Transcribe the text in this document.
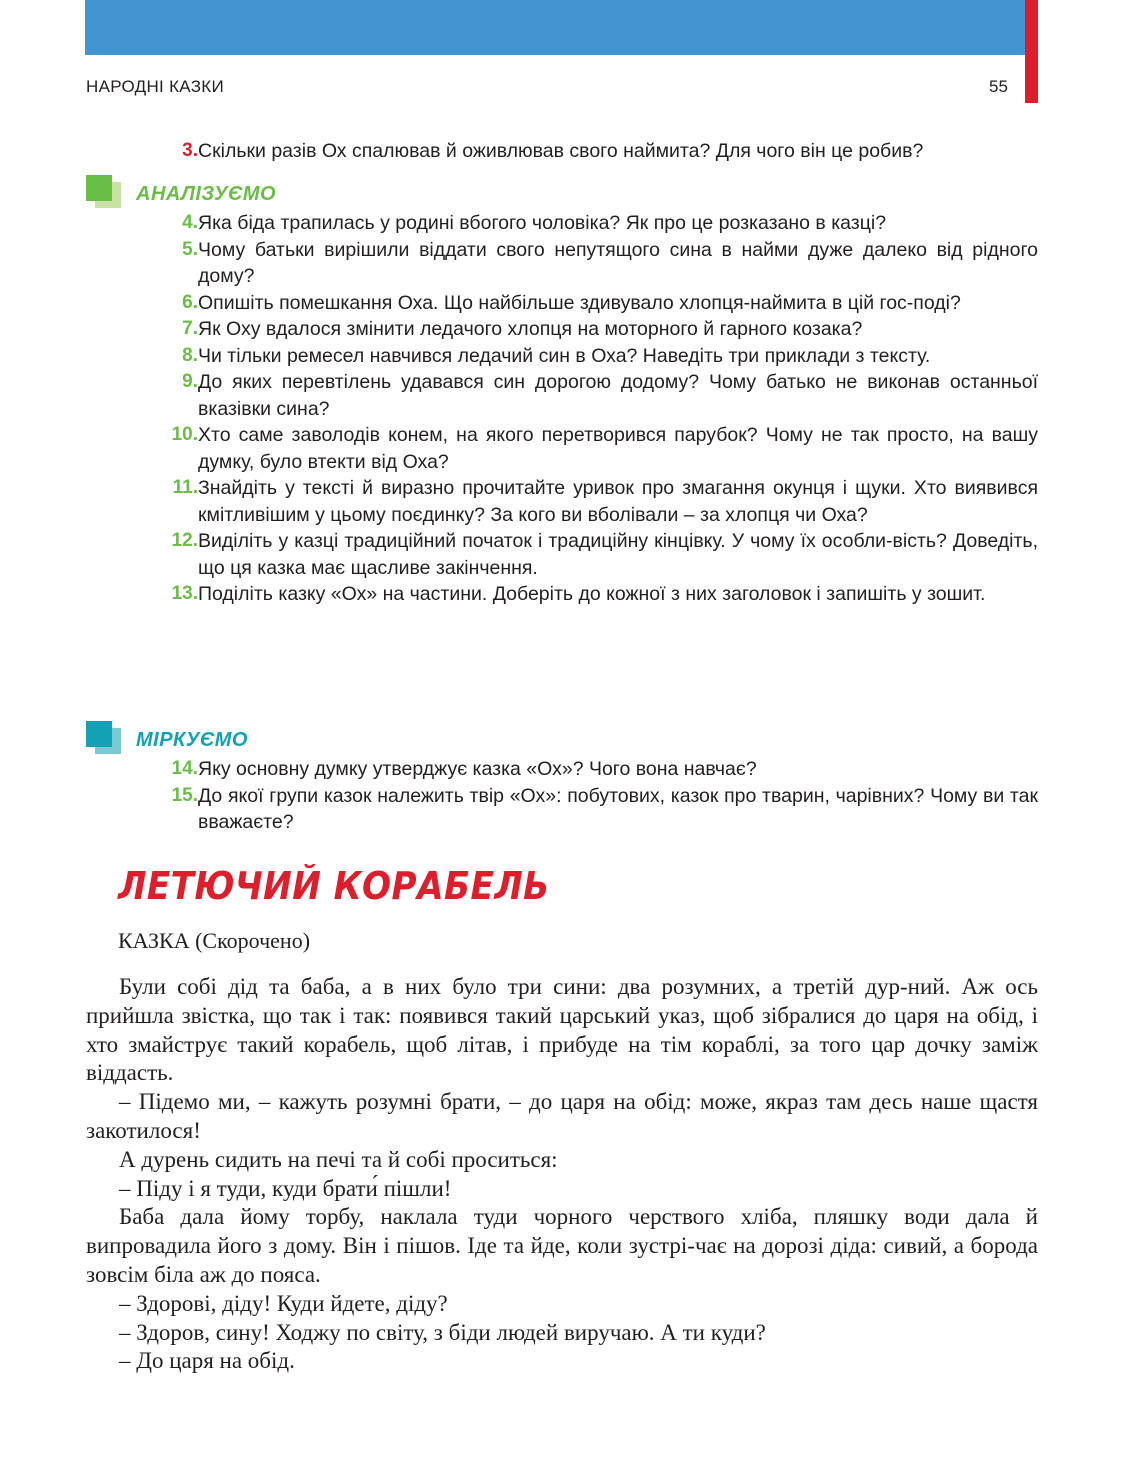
НАРОДНІ КАЗКИ	55
3. Скільки разів Ох спалював й оживлював свого наймита? Для чого він це робив?
АНАЛІЗУЄМО
4. Яка біда трапилась у родині вбогого чоловіка? Як про це розказано в казці?
5. Чому батьки вирішили віддати свого непутящого сина в найми дуже далеко від рідного дому?
6. Опишіть помешкання Оха. Що найбільше здивувало хлопця-наймита в цій гос-поді?
7. Як Оху вдалося змінити ледачого хлопця на моторного й гарного козака?
8. Чи тільки ремесел навчився ледачий син в Оха? Наведіть три приклади з тексту.
9. До яких перевтілень удавався син дорогою додому? Чому батько не виконав останньої вказівки сина?
10. Хто саме заволодів конем, на якого перетворився парубок? Чому не так просто, на вашу думку, було втекти від Оха?
11. Знайдіть у тексті й виразно прочитайте уривок про змагання окунця і щуки. Хто виявився кмітливішим у цьому поєдинку? За кого ви вболівали – за хлопця чи Оха?
12. Виділіть у казці традиційний початок і традиційну кінцівку. У чому їх особли-вість? Доведіть, що ця казка має щасливе закінчення.
13. Поділіть казку «Ох» на частини. Доберіть до кожної з них заголовок і запишіть у зошит.
МІРКУЄМО
14. Яку основну думку утверджує казка «Ох»? Чого вона навчає?
15. До якої групи казок належить твір «Ох»: побутових, казок про тварин, чарівних? Чому ви так вважаєте?
ЛЕТЮЧИЙ КОРАБЕЛЬ
КАЗКА (Скорочено)

Були собі дід та баба, а в них було три сини: два розумних, а третій дур-ний. Аж ось прийшла звістка, що так і так: появився такий царський указ, щоб зібралися до царя на обід, і хто змайструє такий корабель, щоб літав, і прибуде на тім кораблі, за того цар дочку заміж віддасть.

– Підемо ми, – кажуть розумні брати, – до царя на обід: може, якраз там десь наше щастя закотилося!

А дурень сидить на печі та й собі проситься:

– Піду і я туди, куди брати́ пішли!

Баба дала йому торбу, наклала туди чорного черствого хліба, пляшку води дала й випровадила його з дому. Він і пішов. Іде та йде, коли зустрі-чає на дорозі діда: сивий, а борода зовсім біла аж до пояса.

– Здорові, діду! Куди йдете, діду?

– Здоров, сину! Ходжу по світу, з біди людей виручаю. А ти куди?

– До царя на обід.
